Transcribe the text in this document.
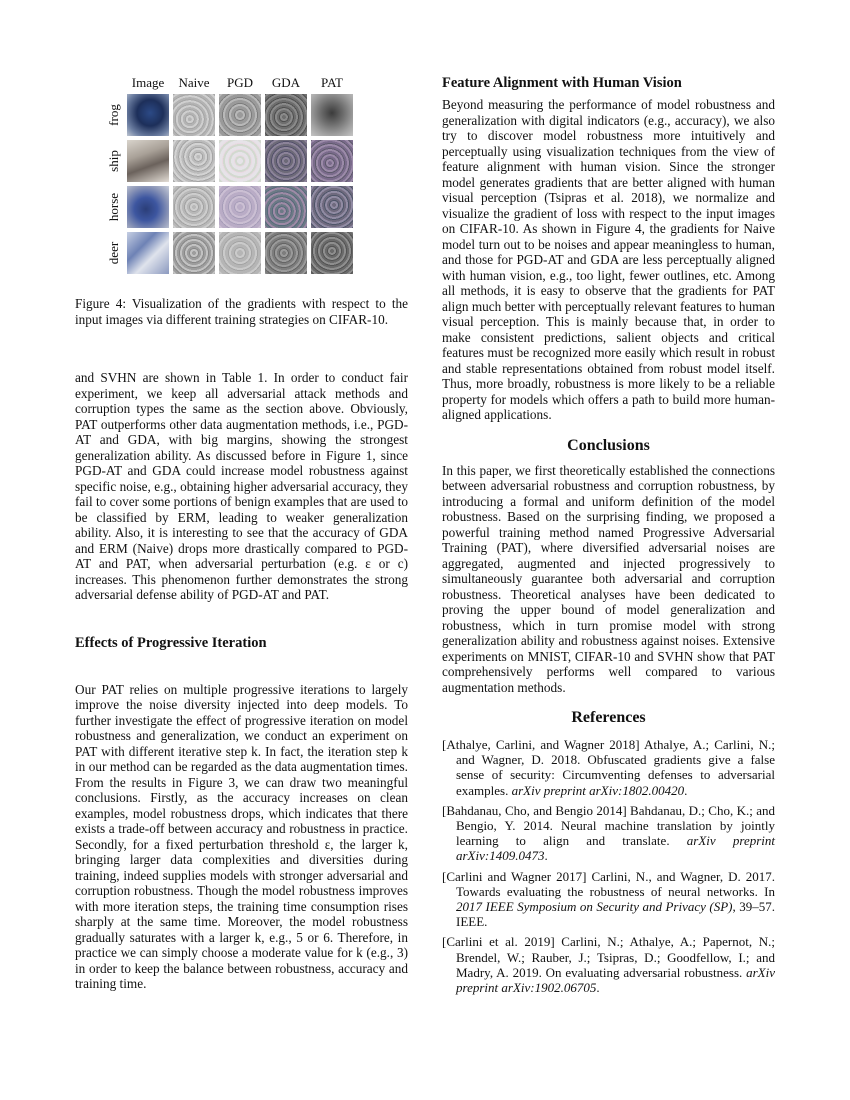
Image	Naive	PGD	GDA	PAT
frog
ship
horse
deer
Figure 4: Visualization of the gradients with respect to the input images via different training strategies on CIFAR-10.

and SVHN are shown in Table 1. In order to conduct fair experiment, we keep all adversarial attack methods and corruption types the same as the section above. Obviously, PAT outperforms other data augmentation methods, i.e., PGD-AT and GDA, with big margins, showing the strongest generalization ability. As discussed before in Figure 1, since PGD-AT and GDA could increase model robustness against specific noise, e.g., obtaining higher adversarial accuracy, they fail to cover some portions of benign examples that are used to be classified by ERM, leading to weaker generalization ability. Also, it is interesting to see that the accuracy of GDA and ERM (Naive) drops more drastically compared to PGD-AT and PAT, when adversarial perturbation (e.g. ε or c) increases. This phenomenon further demonstrates the strong adversarial defense ability of PGD-AT and PAT.

Effects of Progressive Iteration

Our PAT relies on multiple progressive iterations to largely improve the noise diversity injected into deep models. To further investigate the effect of progressive iteration on model robustness and generalization, we conduct an experiment on PAT with different iterative step k. In fact, the iteration step k in our method can be regarded as the data augmentation times. From the results in Figure 3, we can draw two meaningful conclusions. Firstly, as the accuracy increases on clean examples, model robustness drops, which indicates that there exists a trade-off between accuracy and robustness in practice. Secondly, for a fixed perturbation threshold ε, the larger k, bringing larger data complexities and diversities during training, indeed supplies models with stronger adversarial and corruption robustness. Though the model robustness improves with more iteration steps, the training time consumption rises sharply at the same time. Moreover, the model robustness gradually saturates with a larger k, e.g., 5 or 6. Therefore, in practice we can simply choose a moderate value for k (e.g., 3) in order to keep the balance between robustness, accuracy and training time.

Feature Alignment with Human Vision

Beyond measuring the performance of model robustness and generalization with digital indicators (e.g., accuracy), we also try to discover model robustness more intuitively and perceptually using visualization techniques from the view of feature alignment with human vision. Since the stronger model generates gradients that are better aligned with human visual perception (Tsipras et al. 2018), we normalize and visualize the gradient of loss with respect to the input images on CIFAR-10. As shown in Figure 4, the gradients for Naive model turn out to be noises and appear meaningless to human, and those for PGD-AT and GDA are less perceptually aligned with human vision, e.g., too light, fewer outlines, etc. Among all methods, it is easy to observe that the gradients for PAT align much better with perceptually relevant features to human visual perception. This is mainly because that, in order to make consistent predictions, salient objects and critical features must be recognized more easily which result in robust and stable representations obtained from robust model itself. Thus, more broadly, robustness is more likely to be a reliable property for models which offers a path to build more human-aligned applications.

Conclusions

In this paper, we first theoretically established the connections between adversarial robustness and corruption robustness, by introducing a formal and uniform definition of the model robustness. Based on the surprising finding, we proposed a powerful training method named Progressive Adversarial Training (PAT), where diversified adversarial noises are aggregated, augmented and injected progressively to simultaneously guarantee both adversarial and corruption robustness. Theoretical analyses have been dedicated to proving the upper bound of model generalization and robustness, which in turn promise model with strong generalization ability and robustness against noises. Extensive experiments on MNIST, CIFAR-10 and SVHN show that PAT comprehensively performs well compared to various augmentation methods.

References

[Athalye, Carlini, and Wagner 2018] Athalye, A.; Carlini, N.; and Wagner, D. 2018. Obfuscated gradients give a false sense of security: Circumventing defenses to adversarial examples. arXiv preprint arXiv:1802.00420.

[Bahdanau, Cho, and Bengio 2014] Bahdanau, D.; Cho, K.; and Bengio, Y. 2014. Neural machine translation by jointly learning to align and translate. arXiv preprint arXiv:1409.0473.

[Carlini and Wagner 2017] Carlini, N., and Wagner, D. 2017. Towards evaluating the robustness of neural networks. In 2017 IEEE Symposium on Security and Privacy (SP), 39–57. IEEE.

[Carlini et al. 2019] Carlini, N.; Athalye, A.; Papernot, N.; Brendel, W.; Rauber, J.; Tsipras, D.; Goodfellow, I.; and Madry, A. 2019. On evaluating adversarial robustness. arXiv preprint arXiv:1902.06705.
